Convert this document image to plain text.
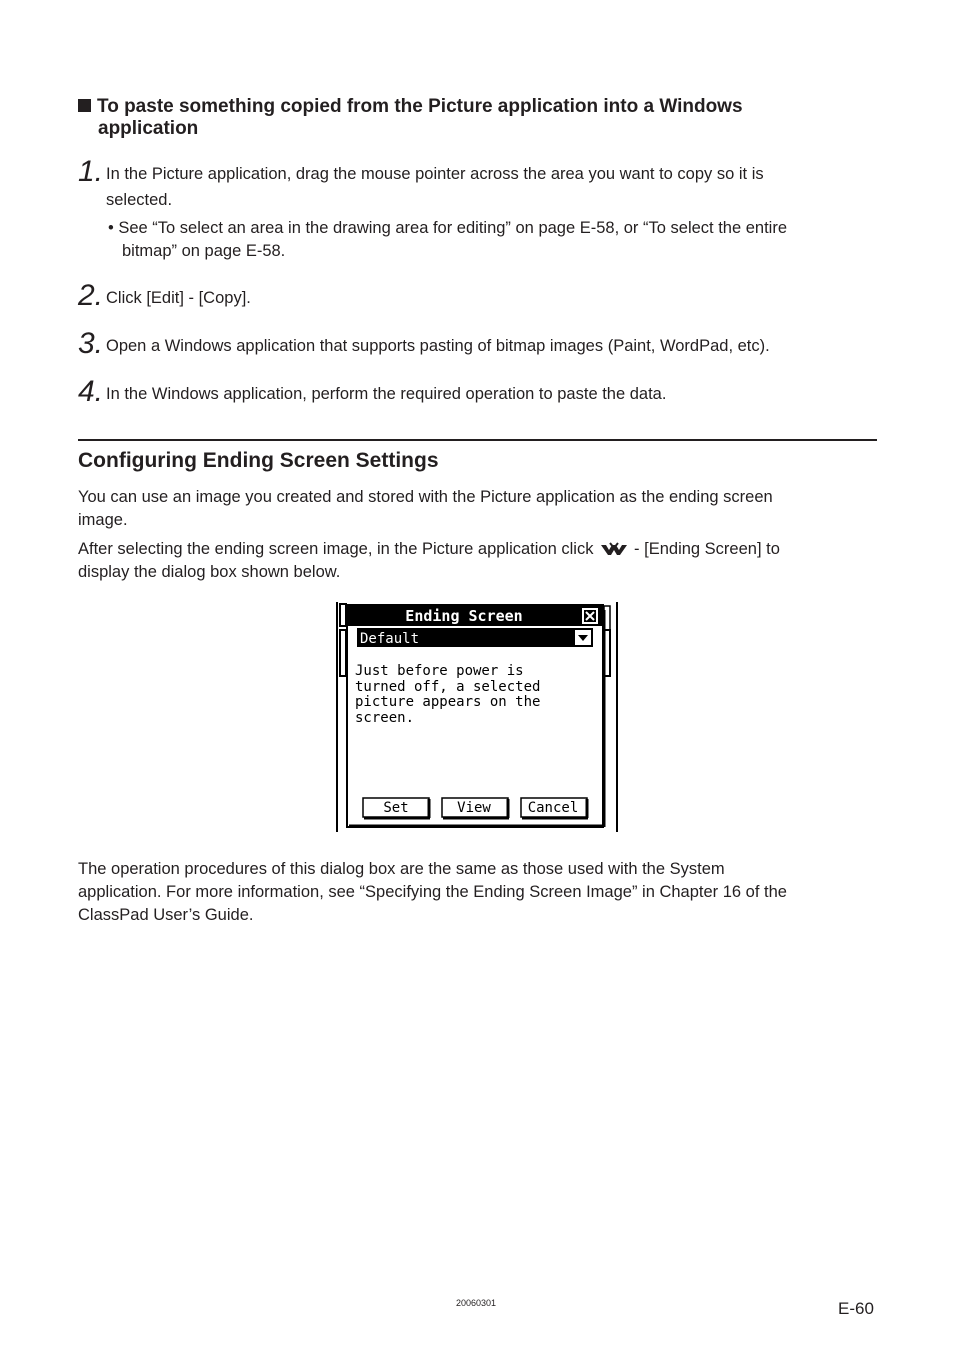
To paste something copied from the Picture application into a Windows
application
1. In the Picture application, drag the mouse pointer across the area you want to copy so it is
selected.
• See “To select an area in the drawing area for editing” on page E-58, or “To select the entire
bitmap” on page E-58.
2. Click [Edit] - [Copy].
3. Open a Windows application that supports pasting of bitmap images (Paint, WordPad, etc).
4. In the Windows application, perform the required operation to paste the data.
Configuring Ending Screen Settings
You can use an image you created and stored with the Picture application as the ending screen
image.
After selecting the ending screen image, in the Picture application click - [Ending Screen] to
display the dialog box shown below.
Ending Screen
Default
Just before power is
turned off, a selected
picture appears on the
screen.
Set	View	Cancel
The operation procedures of this dialog box are the same as those used with the System
application. For more information, see “Specifying the Ending Screen Image” in Chapter 16 of the
ClassPad User’s Guide.
20060301	E-60
